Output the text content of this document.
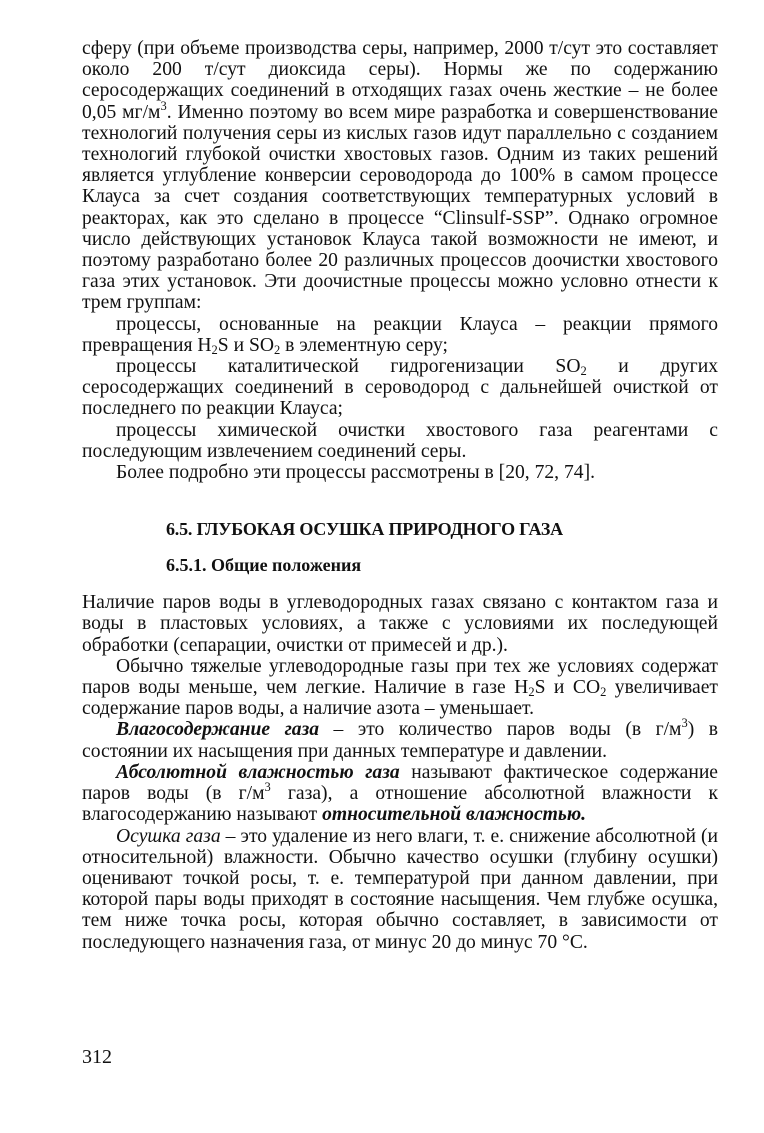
сферу (при объеме производства серы, например, 2000 т/сут это составляет около 200 т/сут диоксида серы). Нормы же по содержанию серосодержащих соединений в отходящих газах очень жесткие – не более 0,05 $мг/м^3$. Именно поэтому во всем мире разработка и совершенствование технологий получения серы из кислых газов идут параллельно с созданием технологий глубокой очистки хвостовых газов. Одним из таких решений является углубление конверсии сероводорода до 100% в самом процессе Клауса за счет создания соответствующих температурных условий в реакторах, как это сделано в процессе “Clinsulf-SSP”. Однако огромное число действующих установок Клауса такой возможности не имеют, и поэтому разработано более 20 различных процессов доочистки хвостового газа этих установок. Эти доочистные процессы можно условно отнести к трем группам:

процессы, основанные на реакции Клауса – реакции прямого превращения $H_2S$ и $SO_2$ в элементную серу;

процессы каталитической гидрогенизации $SO_2$ и других серосодержащих соединений в сероводород с дальнейшей очисткой от последнего по реакции Клауса;

процессы химической очистки хвостового газа реагентами с последующим извлечением соединений серы.

Более подробно эти процессы рассмотрены в [20, 72, 74].

6.5. ГЛУБОКАЯ ОСУШКА ПРИРОДНОГО ГАЗА
6.5.1. Общие положения

Наличие паров воды в углеводородных газах связано с контактом газа и воды в пластовых условиях, а также с условиями их последующей обработки (сепарации, очистки от примесей и др.).

Обычно тяжелые углеводородные газы при тех же условиях содержат паров воды меньше, чем легкие. Наличие в газе $H_2S$ и $CO_2$ увеличивает содержание паров воды, а наличие азота – уменьшает.

Влагосодержание газа – это количество паров воды (в $г/м^3$) в состоянии их насыщения при данных температуре и давлении.

Абсолютной влажностью газа называют фактическое содержание паров воды (в $г/м^3$ газа), а отношение абсолютной влажности к влагосодержанию называют относительной влажностью.

Осушка газа – это удаление из него влаги, т. е. снижение абсолютной (и относительной) влажности. Обычно качество осушки (глубину осушки) оценивают точкой росы, т. е. температурой при данном давлении, при которой пары воды приходят в состояние насыщения. Чем глубже осушка, тем ниже точка росы, которая обычно составляет, в зависимости от последующего назначения газа, от минус 20 до минус 70 °С.

312
